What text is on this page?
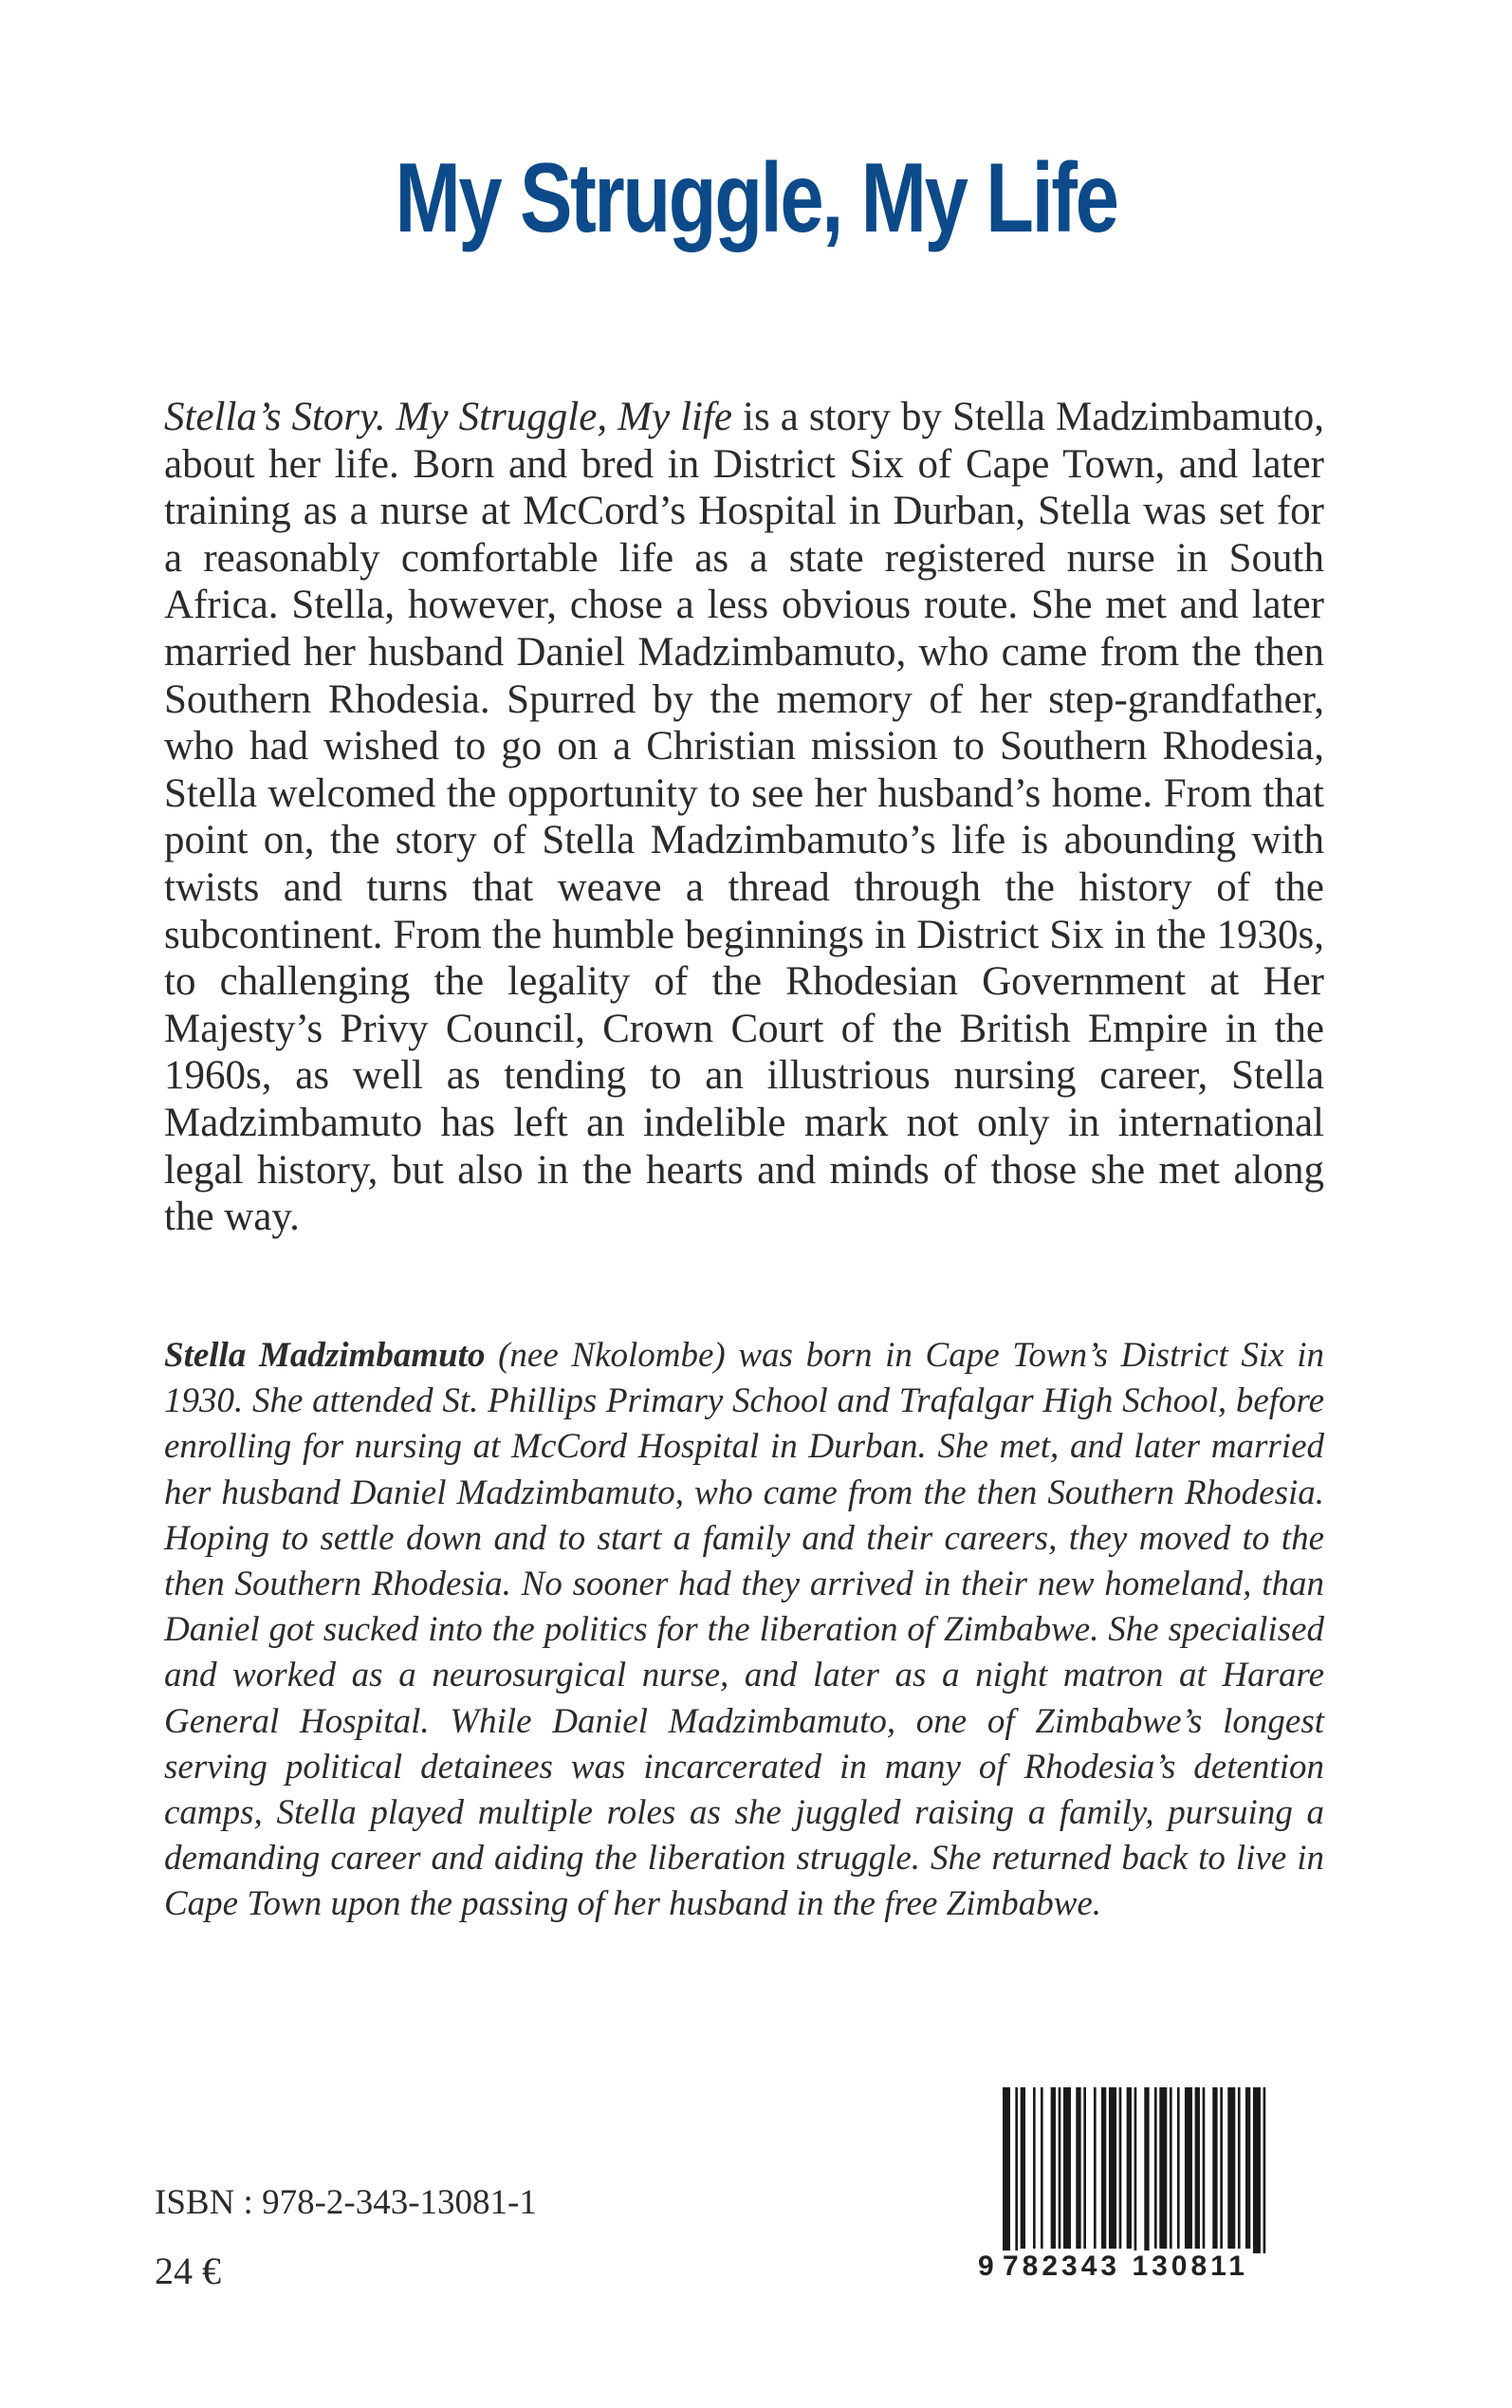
My Struggle, My Life

Stella’s Story. My Struggle, My life is a story by Stella Madzimbamuto, about her life. Born and bred in District Six of Cape Town, and later training as a nurse at McCord’s Hospital in Durban, Stella was set for a reasonably comfortable life as a state registered nurse in South Africa. Stella, however, chose a less obvious route. She met and later married her husband Daniel Madzimbamuto, who came from the then Southern Rhodesia. Spurred by the memory of her step-grandfather, who had wished to go on a Christian mission to Southern Rhodesia, Stella welcomed the opportunity to see her husband’s home. From that point on, the story of Stella Madzimbamuto’s life is abounding with twists and turns that weave a thread through the history of the subcontinent. From the humble beginnings in District Six in the 1930s, to challenging the legality of the Rhodesian Government at Her Majesty’s Privy Council, Crown Court of the British Empire in the 1960s, as well as tending to an illustrious nursing career, Stella Madzimbamuto has left an indelible mark not only in international legal history, but also in the hearts and minds of those she met along the way.

Stella Madzimbamuto (nee Nkolombe) was born in Cape Town’s District Six in 1930. She attended St. Phillips Primary School and Trafalgar High School, before enrolling for nursing at McCord Hospital in Durban. She met, and later married her husband Daniel Madzimbamuto, who came from the then Southern Rhodesia. Hoping to settle down and to start a family and their careers, they moved to the then Southern Rhodesia. No sooner had they arrived in their new homeland, than Daniel got sucked into the politics for the liberation of Zimbabwe. She specialised and worked as a neurosurgical nurse, and later as a night matron at Harare General Hospital. While Daniel Madzimbamuto, one of Zimbabwe’s longest serving political detainees was incarcerated in many of Rhodesia’s detention camps, Stella played multiple roles as she juggled raising a family, pursuing a demanding career and aiding the liberation struggle. She returned back to live in Cape Town upon the passing of her husband in the free Zimbabwe.

ISBN : 978-2-343-13081-1

24 €	9 782343 130811
